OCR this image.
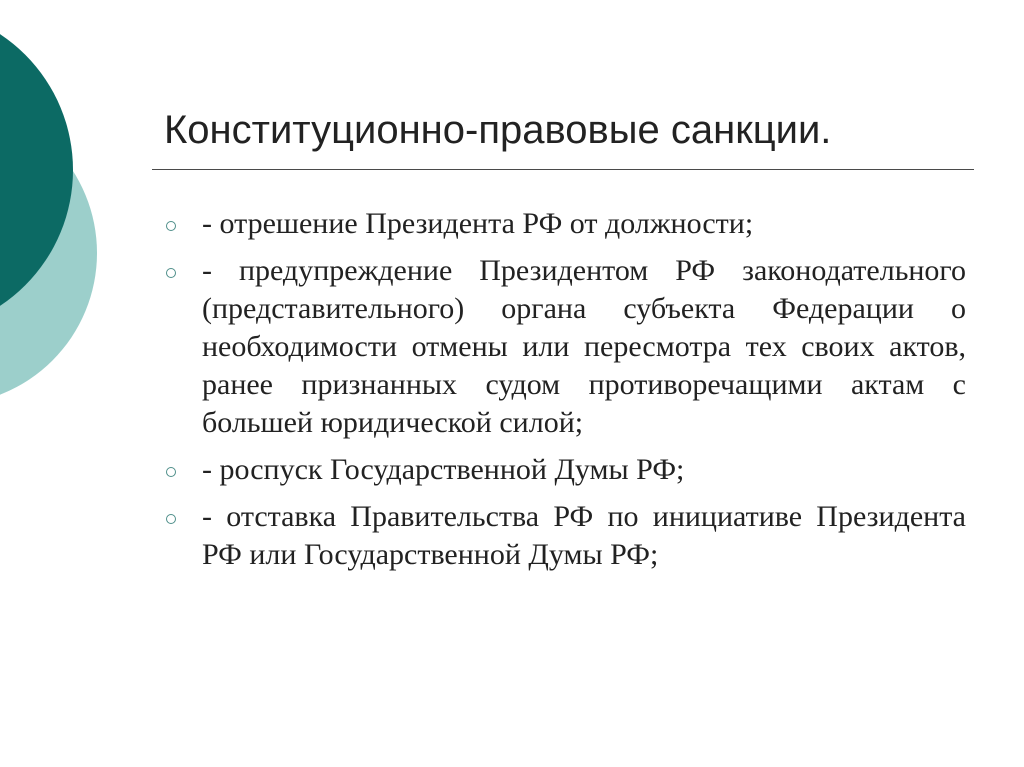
Конституционно-правовые санкции.
- отрешение Президента РФ от должности;
- предупреждение Президентом РФ законодательного (представительного) органа субъекта Федерации о необходимости отмены или пересмотра тех своих актов, ранее признанных судом противоречащими актам с большей юридической силой;
- роспуск Государственной Думы РФ;
- отставка Правительства РФ по инициативе Президента РФ или Государственной Думы РФ;
